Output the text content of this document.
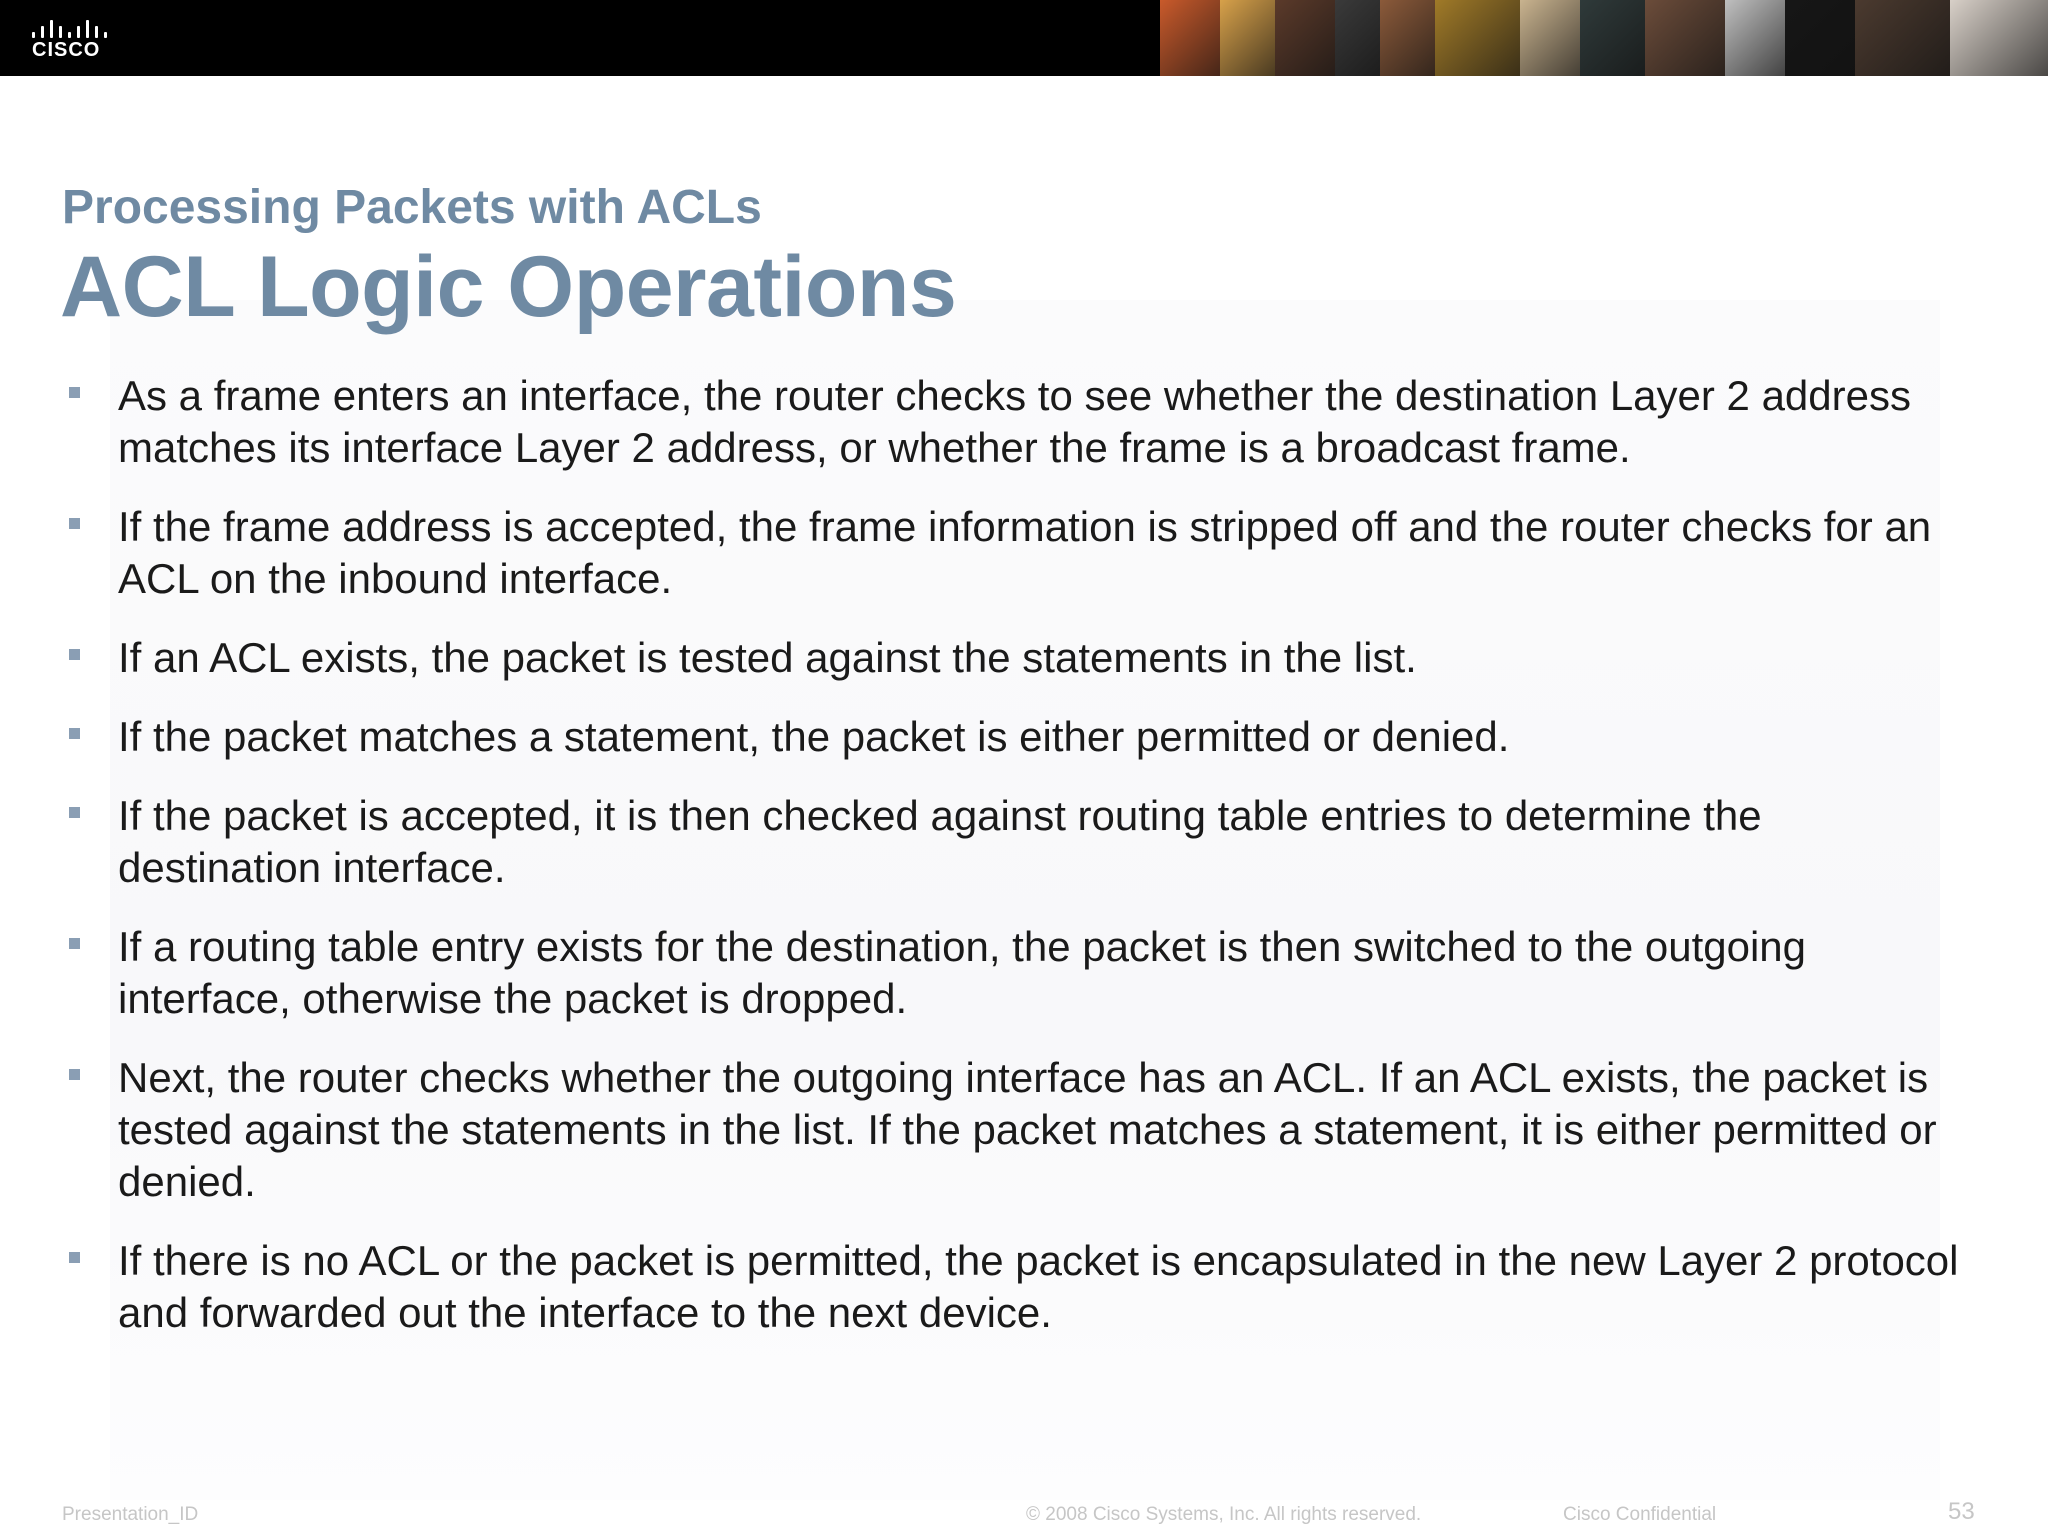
CISCO
Processing Packets with ACLs
ACL Logic Operations
As a frame enters an interface, the router checks to see whether the destination Layer 2 address matches its interface Layer 2 address, or whether the frame is a broadcast frame.
If the frame address is accepted, the frame information is stripped off and the router checks for an ACL on the inbound interface.
If an ACL exists, the packet is tested against the statements in the list.
If the packet matches a statement, the packet is either permitted or denied.
If the packet is accepted, it is then checked against routing table entries to determine the destination interface.
If a routing table entry exists for the destination, the packet is then switched to the outgoing interface, otherwise the packet is dropped.
Next, the router checks whether the outgoing interface has an ACL. If an ACL exists, the packet is tested against the statements in the list. If the packet matches a statement, it is either permitted or denied.
If there is no ACL or the packet is permitted, the packet is encapsulated in the new Layer 2 protocol and forwarded out the interface to the next device.
Presentation_ID	© 2008 Cisco Systems, Inc. All rights reserved.	Cisco Confidential	53
